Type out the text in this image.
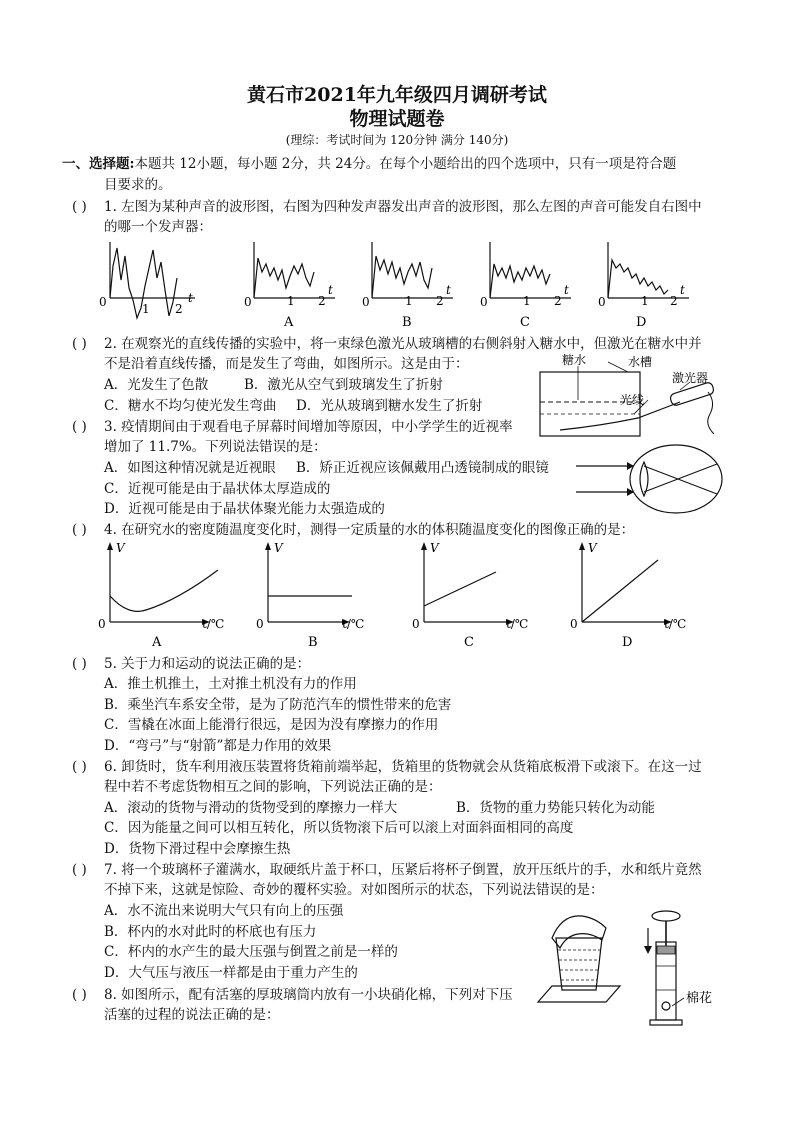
黄石市2021年九年级四月调研考试
物理试题卷
(理综：考试时间为 120分钟 满分 140分)
一、选择题:本题共 12小题，每小题 2分，共 24分。在每个小题给出的四个选项中，只有一项是符合题
目要求的。
( ) 1. 左图为某种声音的波形图，右图为四种发声器发出声音的波形图，那么左图的声音可能发自右图中
的哪一个发声器：
0	1 2
t	0	1 2
t
A
0	1 2
t
B
0	1 2
t
C
0	1 2
t
D
( ) 2. 在观察光的直线传播的实验中，将一束绿色激光从玻璃槽的右侧斜射入糖水中，但激光在糖水中并
不是沿着直线传播，而是发生了弯曲，如图所示。这是由于：
A．光发生了色散	B．激光从空气到玻璃发生了折射
C．糖水不均匀使光发生弯曲 D．光从玻璃到糖水发生了折射
糖水	水槽
激光器
光线
( ) 3. 疫情期间由于观看电子屏幕时间增加等原因，中小学学生的近视率
增加了 11.7%。下列说法错误的是：
A．如图这种情况就是近视眼 B．矫正近视应该佩戴用凸透镜制成的眼镜
C．近视可能是由于晶状体太厚造成的
D．近视可能是由于晶状体聚光能力太强造成的
( ) 4. 在研究水的密度随温度变化时，测得一定质量的水的体积随温度变化的图像正确的是：
V
0	t/℃
A
V
0	t/℃
B
V
0	t/℃
C
V
0	t/℃
D
( ) 5. 关于力和运动的说法正确的是：
A．推土机推土，土对推土机没有力的作用
B．乘坐汽车系安全带，是为了防范汽车的惯性带来的危害
C．雪橇在冰面上能滑行很远，是因为没有摩擦力的作用
D．“弯弓”与“射箭”都是力作用的效果
( ) 6. 卸货时，货车利用液压装置将货箱前端举起，货箱里的货物就会从货箱底板滑下或滚下。在这一过
程中若不考虑货物相互之间的影响，下列说法正确的是：
A．滚动的货物与滑动的货物受到的摩擦力一样大	B．货物的重力势能只转化为动能
C．因为能量之间可以相互转化，所以货物滚下后可以滚上对面斜面相同的高度
D．货物下滑过程中会摩擦生热
( ) 7. 将一个玻璃杯子灌满水，取硬纸片盖于杯口，压紧后将杯子倒置，放开压纸片的手，水和纸片竟然
不掉下来，这就是惊险、奇妙的覆杯实验。对如图所示的状态，下列说法错误的是：
A．水不流出来说明大气只有向上的压强
B．杯内的水对此时的杯底也有压力
C．杯内的水产生的最大压强与倒置之前是一样的
D．大气压与液压一样都是由于重力产生的
( ) 8. 如图所示，配有活塞的厚玻璃筒内放有一小块硝化棉，下列对下压
活塞的过程的说法正确的是：
棉花
